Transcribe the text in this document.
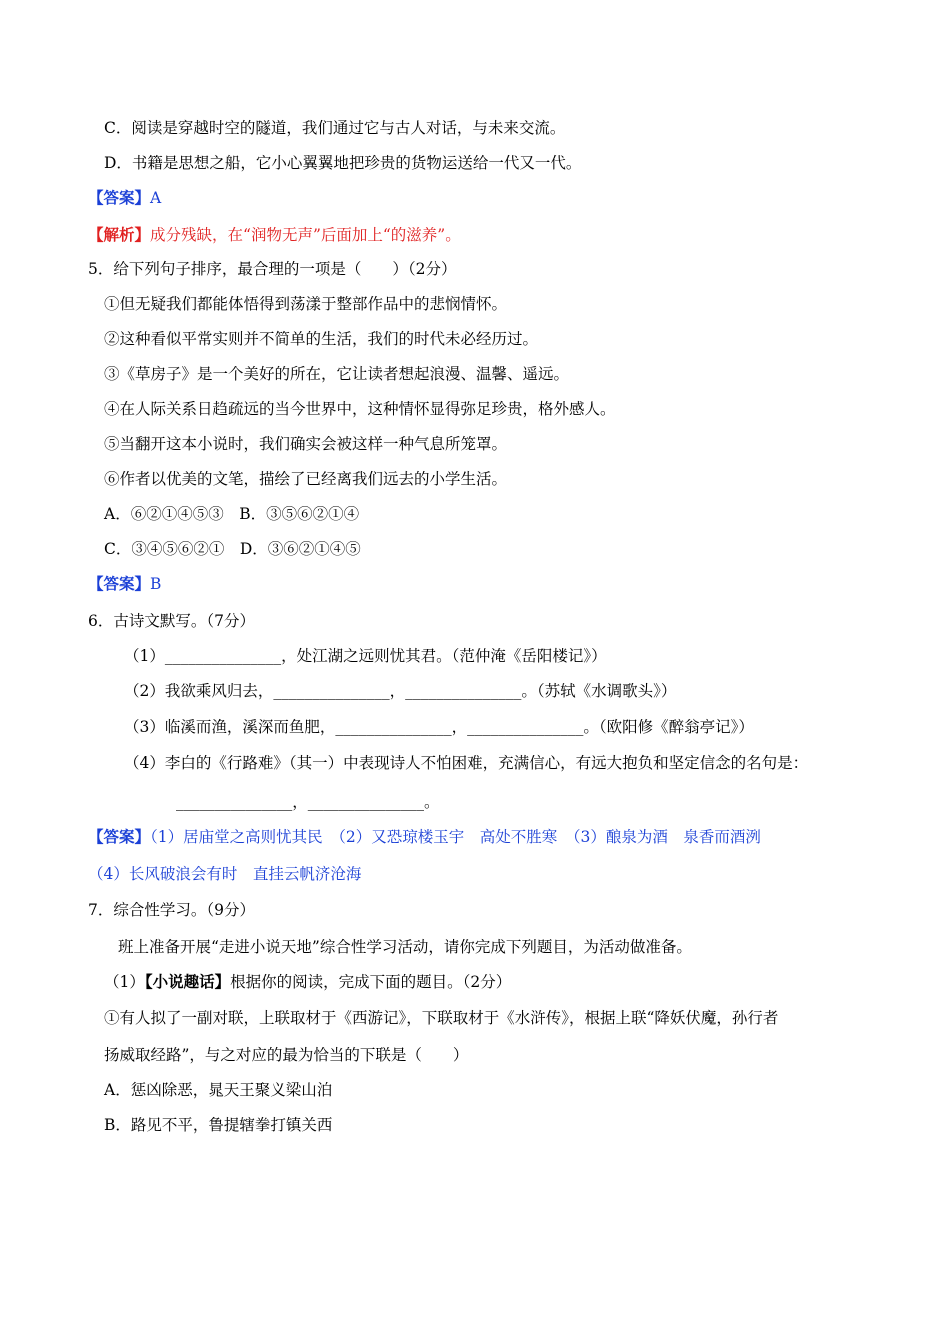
C．阅读是穿越时空的隧道，我们通过它与古人对话，与未来交流。
D．书籍是思想之船，它小心翼翼地把珍贵的货物运送给一代又一代。
【答案】A
【解析】成分残缺，在“润物无声”后面加上“的滋养”。
5．给下列句子排序，最合理的一项是（　　）（2分）
①但无疑我们都能体悟得到荡漾于整部作品中的悲悯情怀。
②这种看似平常实则并不简单的生活，我们的时代未必经历过。
③《草房子》是一个美好的所在，它让读者想起浪漫、温馨、遥远。
④在人际关系日趋疏远的当今世界中，这种情怀显得弥足珍贵，格外感人。
⑤当翻开这本小说时，我们确实会被这样一种气息所笼罩。
⑥作者以优美的文笔，描绘了已经离我们远去的小学生活。
A．⑥②①④⑤③　B．③⑤⑥②①④
C．③④⑤⑥②①　D．③⑥②①④⑤
【答案】B
6．古诗文默写。（7分）
（1）_______________，处江湖之远则忧其君。（范仲淹《岳阳楼记》）
（2）我欲乘风归去，_______________，_______________。（苏轼《水调歌头》）
（3）临溪而渔，溪深而鱼肥，_______________，_______________。（欧阳修《醉翁亭记》）
（4）李白的《行路难》（其一）中表现诗人不怕困难，充满信心，有远大抱负和坚定信念的名句是：
_______________，_______________。
【答案】（1）居庙堂之高则忧其民　（2）又恐琼楼玉宇　高处不胜寒　（3）酿泉为酒　泉香而酒洌
（4）长风破浪会有时　直挂云帆济沧海
7．综合性学习。（9分）
班上准备开展“走进小说天地”综合性学习活动，请你完成下列题目，为活动做准备。
（1）【小说趣话】根据你的阅读，完成下面的题目。（2分）
①有人拟了一副对联，上联取材于《西游记》，下联取材于《水浒传》，根据上联“降妖伏魔，孙行者
扬威取经路”，与之对应的最为恰当的下联是（　　）
A．惩凶除恶，晁天王聚义梁山泊
B．路见不平，鲁提辖拳打镇关西
